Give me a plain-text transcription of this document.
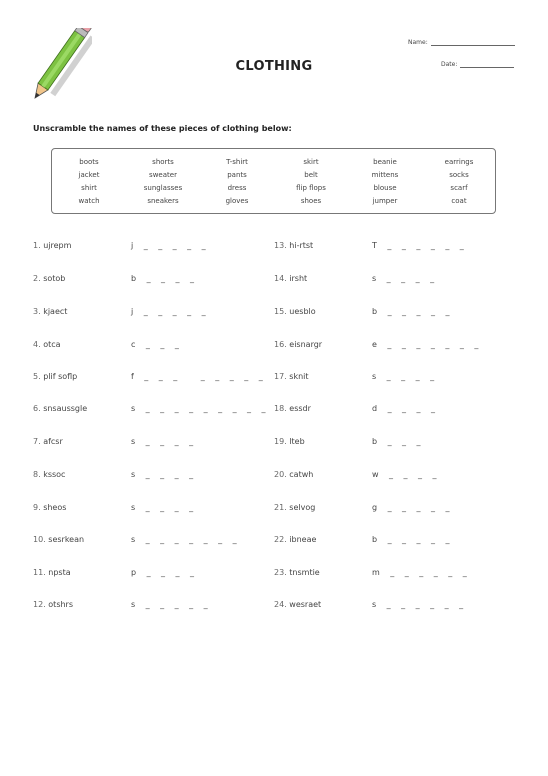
CLOTHING
Name:
Date:
Unscramble the names of these pieces of clothing below:
boots	shorts	T-shirt	skirt	beanie	earrings
jacket	sweater	pants	belt	mittens	socks
shirt	sunglasses	dress	flip flops	blouse	scarf
watch	sneakers	gloves	shoes	jumper	coat
1. ujrepm	j  _  _  _  _  _
2. sotob	b  _  _  _  _
3. kjaect	j  _  _  _  _  _
4. otca	c  _  _  _
5. plif soflp	f  _  _  _     _  _  _  _  _
6. snsaussgle	s  _  _  _  _  _  _  _  _  _
7. afcsr	s  _  _  _  _
8. kssoc	s  _  _  _  _
9. sheos	s  _  _  _  _
10. sesrkean	s  _  _  _  _  _  _  _
11. npsta	p  _  _  _  _
12. otshrs	s  _  _  _  _  _
13. hi-rtst	T  _  _  _  _  _  _
14. irsht	s  _  _  _  _
15. uesblo	b  _  _  _  _  _
16. eisnargr	e  _  _  _  _  _  _  _
17. sknit	s  _  _  _  _
18. essdr	d  _  _  _  _
19. lteb	b  _  _  _
20. catwh	w  _  _  _  _
21. selvog	g  _  _  _  _  _
22. ibneae	b  _  _  _  _  _
23. tnsmtie	m  _  _  _  _  _  _
24. wesraet	s  _  _  _  _  _  _
